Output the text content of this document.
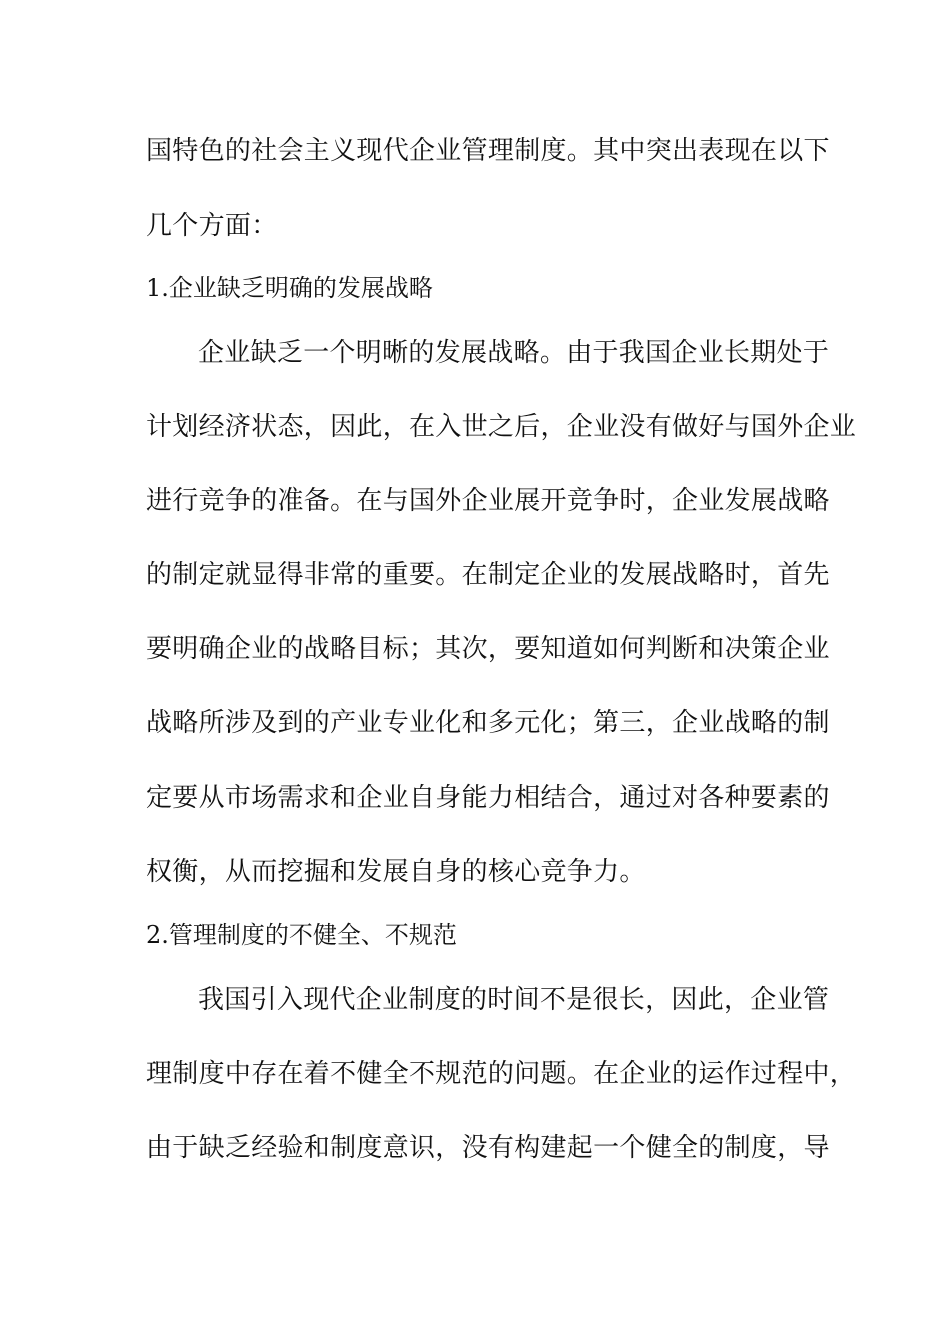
国特色的社会主义现代企业管理制度。其中突出表现在以下
几个方面：
1.企业缺乏明确的发展战略
企业缺乏一个明晰的发展战略。由于我国企业长期处于
计划经济状态，因此，在入世之后，企业没有做好与国外企业
进行竞争的准备。在与国外企业展开竞争时，企业发展战略
的制定就显得非常的重要。在制定企业的发展战略时，首先
要明确企业的战略目标；其次，要知道如何判断和决策企业
战略所涉及到的产业专业化和多元化；第三，企业战略的制
定要从市场需求和企业自身能力相结合，通过对各种要素的
权衡，从而挖掘和发展自身的核心竞争力。
2.管理制度的不健全、不规范
我国引入现代企业制度的时间不是很长，因此，企业管
理制度中存在着不健全不规范的问题。在企业的运作过程中，
由于缺乏经验和制度意识，没有构建起一个健全的制度，导
